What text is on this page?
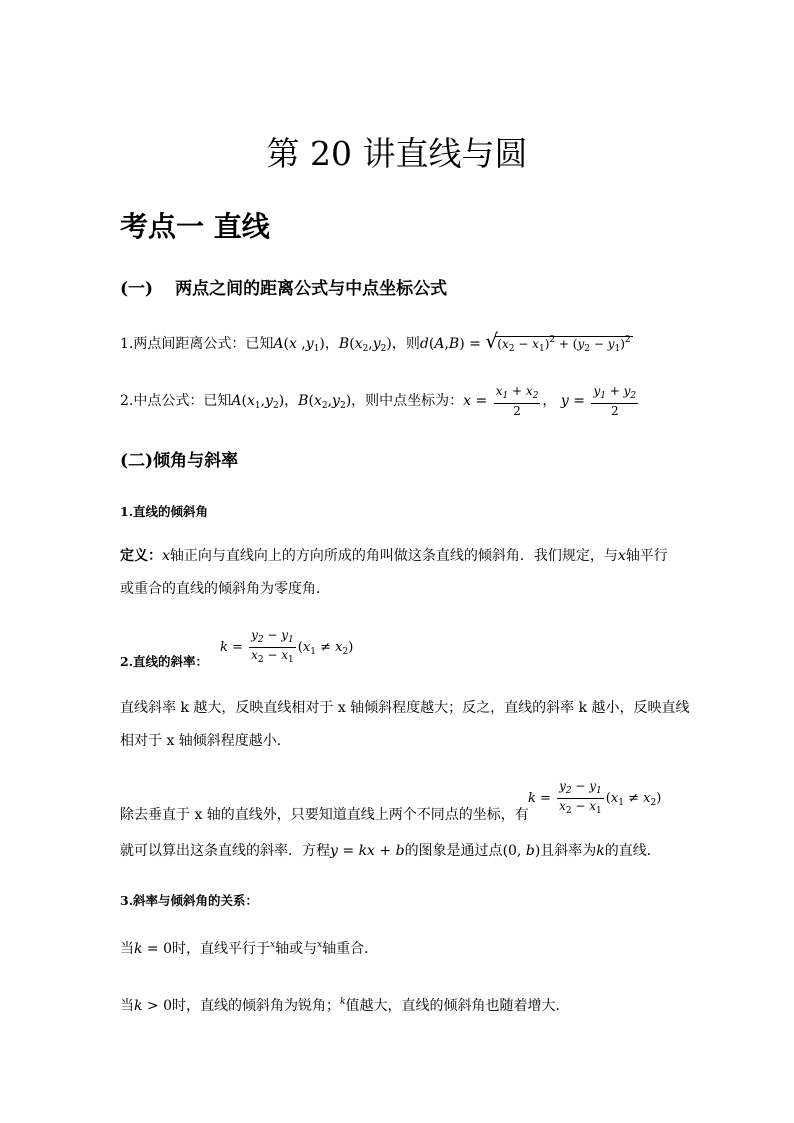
第 20 讲直线与圆
考点一 直线
(一) 两点之间的距离公式与中点坐标公式
1.两点间距离公式：已知A(x $,y_1$)，$B(x_2,y_2)$，则d(A,B) = √ $(x_2 - x_1)^2 + (y_2 - y_1)^2$
2.中点公式：已知$A(x_1,y_2)$，$B(x_2,y_2)$，则中点坐标为：$x = \frac{x_1 + x_2}{2}$ ， $y = \frac{y_1 + y_2}{2}$
(二)倾角与斜率
1.直线的倾斜角
定义：x轴正向与直线向上的方向所成的角叫做这条直线的倾斜角．我们规定，与x轴平行
或重合的直线的倾斜角为零度角．
$k = \frac{y_2 - y_1}{x_2 - x_1} (x_1 \ne x_2)$
2.直线的斜率：
直线斜率 k 越大，反映直线相对于 x 轴倾斜程度越大；反之，直线的斜率 k 越小，反映直线
相对于 x 轴倾斜程度越小．
$k = \frac{y_2 - y_1}{x_2 - x_1} (x_1 \ne x_2)$
除去垂直于 x 轴的直线外，只要知道直线上两个不同点的坐标，有
就可以算出这条直线的斜率．方程y = kx + b的图象是通过点(0, b)且斜率为k的直线．
3.斜率与倾斜角的关系：
当k = 0时，直线平行于$^x$轴或与$^x$轴重合．
当k > 0时，直线的倾斜角为锐角；$^k$值越大，直线的倾斜角也随着增大．
